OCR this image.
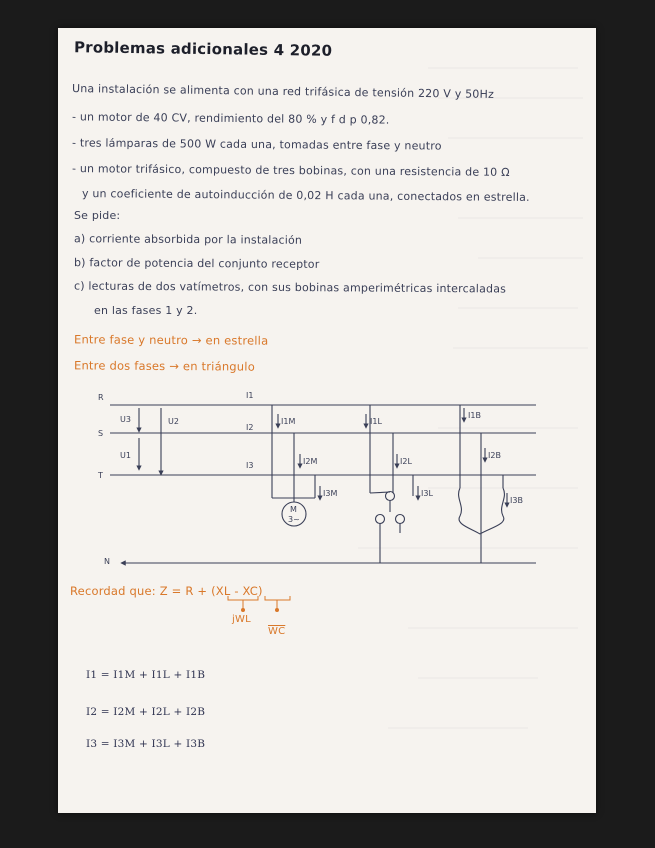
Problemas adicionales 4 2020
Una instalación se alimenta con una red trifásica de tensión 220 V y 50Hz
- un motor de 40 CV, rendimiento del 80 % y f d p 0,82.
- tres lámparas de 500 W cada una, tomadas entre fase y neutro
- un motor trifásico, compuesto de tres bobinas, con una resistencia de 10 Ω
y un coeficiente de autoinducción de 0,02 H cada una, conectados en estrella.
Se pide:
a) corriente absorbida por la instalación
b) factor de potencia del conjunto receptor
c) lecturas de dos vatímetros, con sus bobinas amperimétricas intercaladas
en las fases 1 y 2.
Entre fase y neutro → en estrella
Entre dos fases → en triángulo
R
S
T
N
U3	U2
U1
I1
I2
I3
I1M
I2M
I3M
I1L
I2L
I3L
I1B
I2B
I3B
M
3~
Recordad que: Z = R + (XL - XC)
jWL
$\overline{WC}$
I1 = I1M + I1L + I1B
I2 = I2M + I2L + I2B
I3 = I3M + I3L + I3B
